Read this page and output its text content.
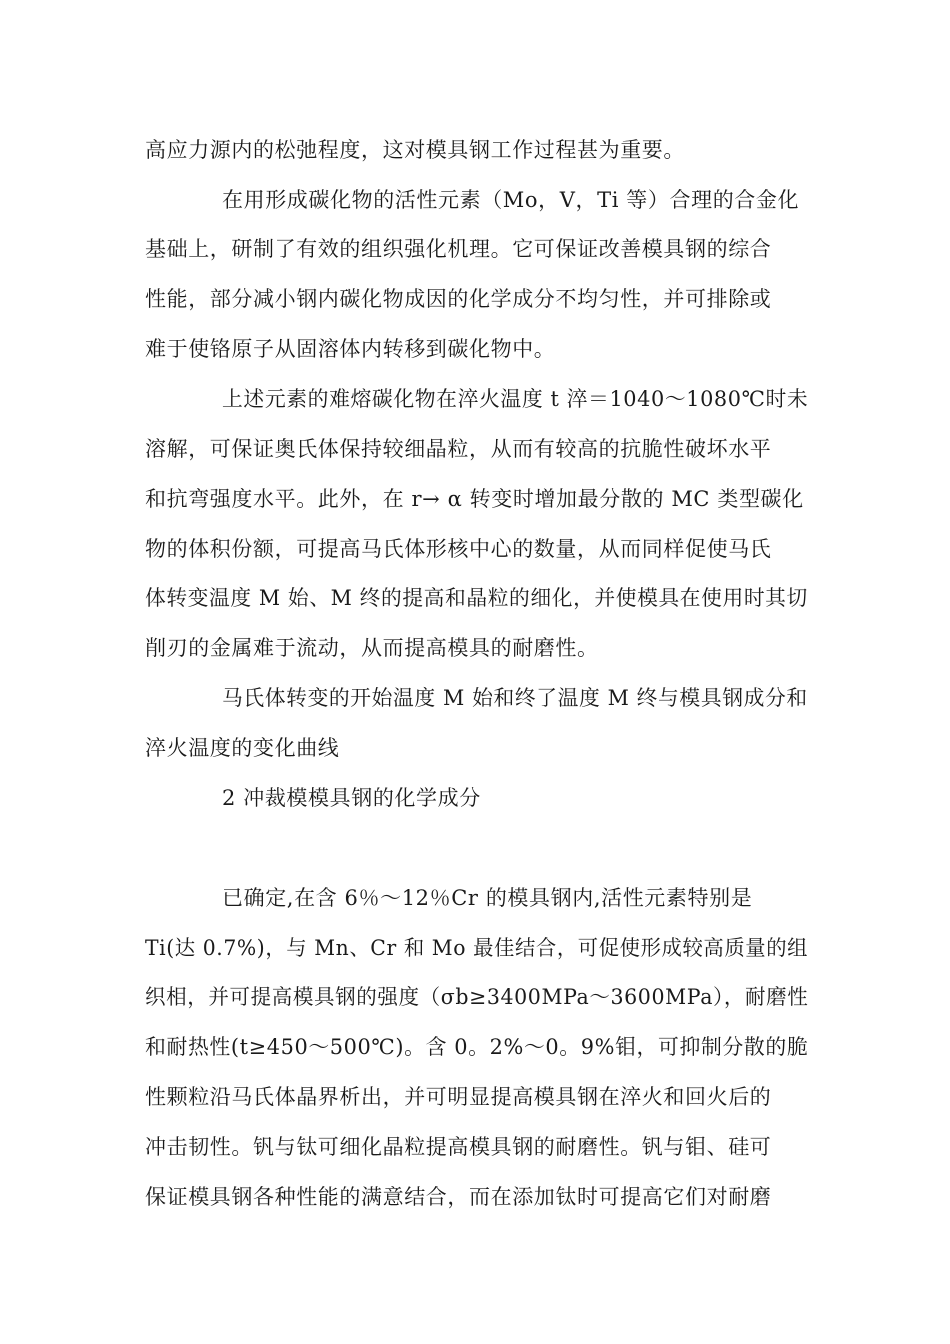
高应力源内的松弛程度，这对模具钢工作过程甚为重要。
在用形成碳化物的活性元素（Mo，V，Ti 等）合理的合金化
基础上，研制了有效的组织强化机理。它可保证改善模具钢的综合
性能，部分减小钢内碳化物成因的化学成分不均匀性，并可排除或
难于使铬原子从固溶体内转移到碳化物中。
上述元素的难熔碳化物在淬火温度 t 淬＝1040～1080℃时未
溶解，可保证奥氏体保持较细晶粒，从而有较高的抗脆性破坏水平
和抗弯强度水平。此外，在 r→ α 转变时增加最分散的 MC 类型碳化
物的体积份额，可提高马氏体形核中心的数量，从而同样促使马氏
体转变温度 M 始、M 终的提高和晶粒的细化，并使模具在使用时其切
削刃的金属难于流动，从而提高模具的耐磨性。
马氏体转变的开始温度 M 始和终了温度 M 终与模具钢成分和
淬火温度的变化曲线
2 冲裁模模具钢的化学成分
已确定,在含 6％～12％Cr 的模具钢内,活性元素特别是
Ti(达 0.7%)，与 Mn、Cr 和 Mo 最佳结合，可促使形成较高质量的组
织相，并可提高模具钢的强度（σb≥3400MPa～3600MPa），耐磨性
和耐热性(t≥450～500℃)。含 0。2%～0。9%钼，可抑制分散的脆
性颗粒沿马氏体晶界析出，并可明显提高模具钢在淬火和回火后的
冲击韧性。钒与钛可细化晶粒提高模具钢的耐磨性。钒与钼、硅可
保证模具钢各种性能的满意结合，而在添加钛时可提高它们对耐磨
